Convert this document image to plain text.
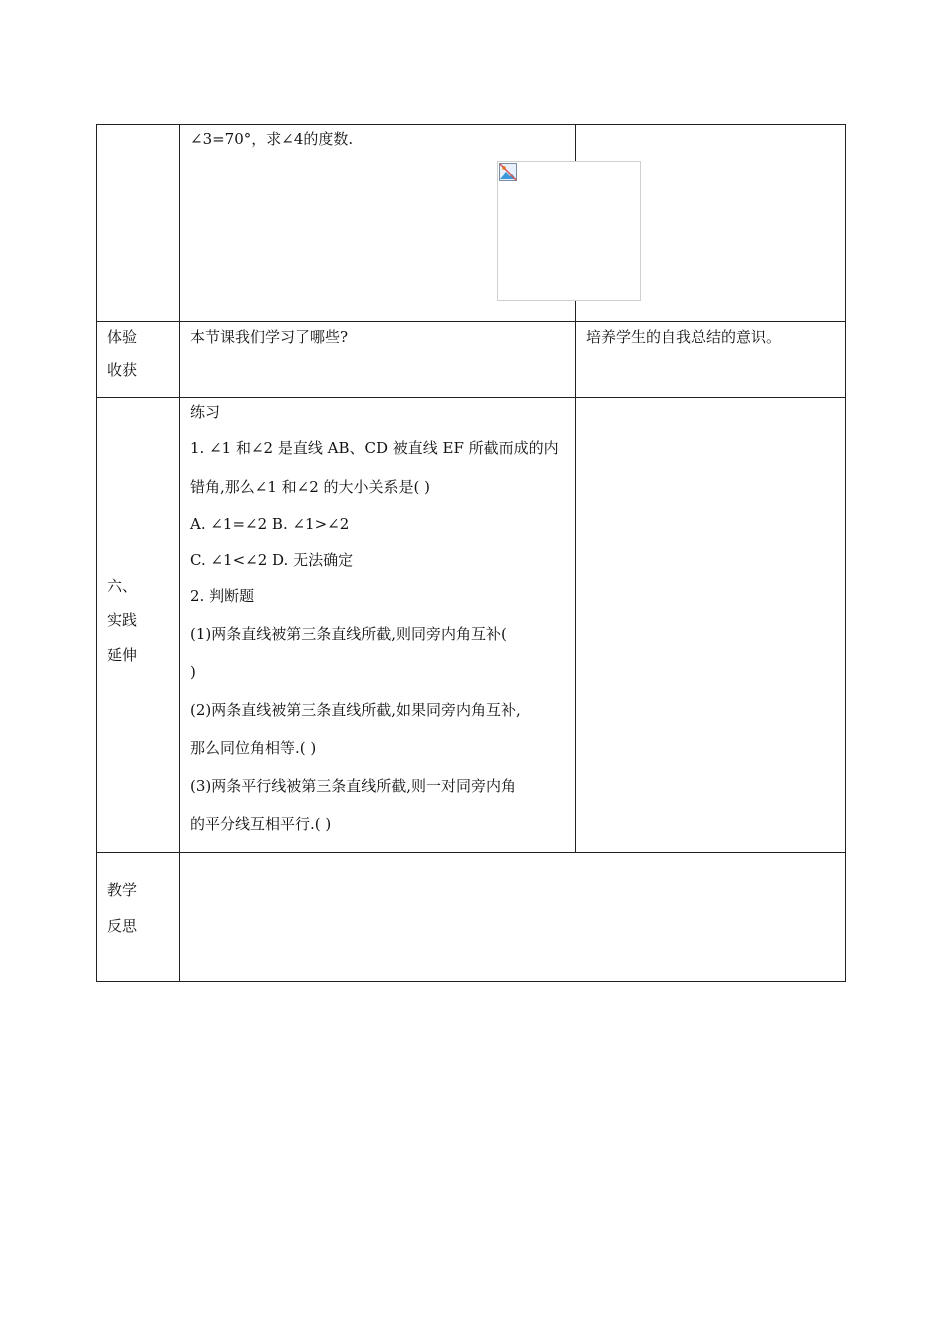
∠3=70°，求∠4的度数.
体验
收获
本节课我们学习了哪些?	培养学生的自我总结的意识。
六、
实践
延伸
练习
1. ∠1 和∠2 是直线 AB、CD 被直线 EF 所截而成的内
错角,那么∠1 和∠2 的大小关系是( )
A. ∠1=∠2 B. ∠1>∠2
C. ∠1<∠2 D. 无法确定
2. 判断题
(1)两条直线被第三条直线所截,则同旁内角互补(
)
(2)两条直线被第三条直线所截,如果同旁内角互补,
那么同位角相等.( )
(3)两条平行线被第三条直线所截,则一对同旁内角
的平分线互相平行.( )
教学
反思
